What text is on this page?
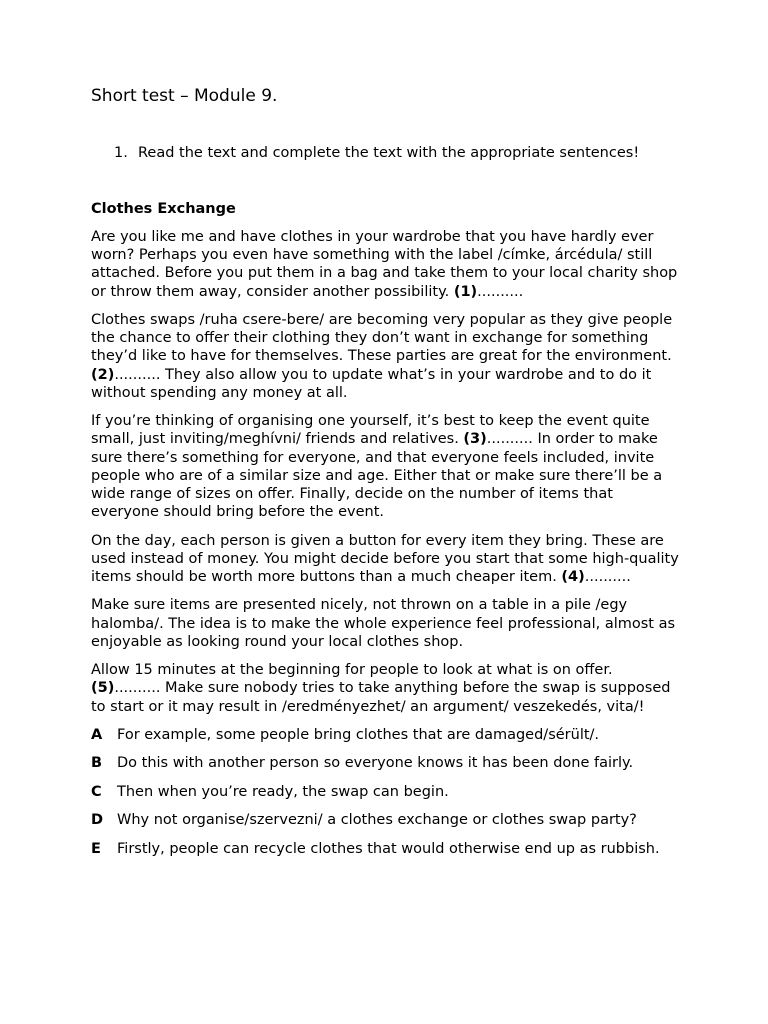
Short test – Module 9.

1. Read the text and complete the text with the appropriate sentences!

Clothes Exchange

Are you like me and have clothes in your wardrobe that you have hardly ever worn? Perhaps you even have something with the label /címke, árcédula/ still attached. Before you put them in a bag and take them to your local charity shop or throw them away, consider another possibility. (1)..........

Clothes swaps /ruha csere-bere/ are becoming very popular as they give people the chance to offer their clothing they don’t want in exchange for something they’d like to have for themselves. These parties are great for the environment. (2).......... They also allow you to update what’s in your wardrobe and to do it without spending any money at all.

If you’re thinking of organising one yourself, it’s best to keep the event quite small, just inviting/meghívni/ friends and relatives. (3).......... In order to make sure there’s something for everyone, and that everyone feels included, invite people who are of a similar size and age. Either that or make sure there’ll be a wide range of sizes on offer. Finally, decide on the number of items that everyone should bring before the event.

On the day, each person is given a button for every item they bring. These are used instead of money. You might decide before you start that some high-quality items should be worth more buttons than a much cheaper item. (4)..........

Make sure items are presented nicely, not thrown on a table in a pile /egy halomba/. The idea is to make the whole experience feel professional, almost as enjoyable as looking round your local clothes shop.

Allow 15 minutes at the beginning for people to look at what is on offer. (5).......... Make sure nobody tries to take anything before the swap is supposed to start or it may result in /eredményezhet/ an argument/ veszekedés, vita/!

A For example, some people bring clothes that are damaged/sérült/.

B Do this with another person so everyone knows it has been done fairly.

C Then when you’re ready, the swap can begin.

D Why not organise/szervezni/ a clothes exchange or clothes swap party?

E Firstly, people can recycle clothes that would otherwise end up as rubbish.
